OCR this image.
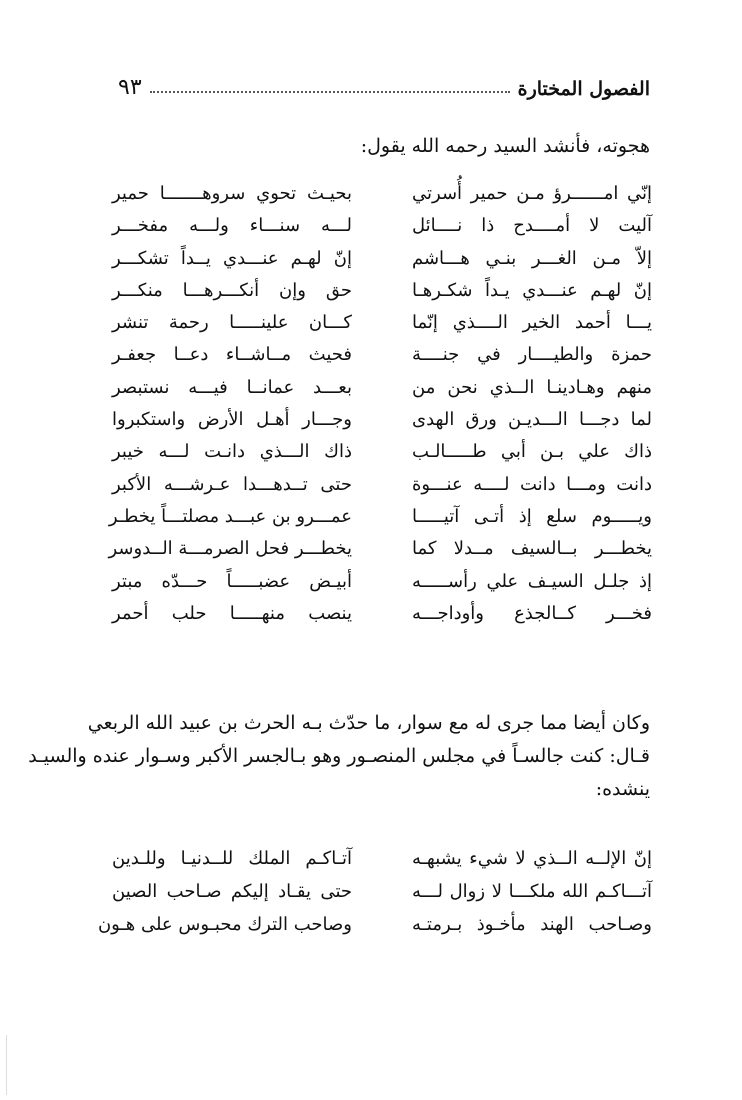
الفصول المختارة
٩٣
هجوته، فأنشد السيد رحمه الله يقول:
إنّي امــــــرؤ مـن حمير أُسرتي
بحيـث تحوي سروهـــــــا حمير
آليت لا أمــــدح ذا نــــائل
لـــه سنـــاء ولـــه مفخـــر
إلاّ مـن الغـــر بنـي هـــاشم
إنّ لهـم عنـــدي يــداً تشكـــر
إنّ لهـم عنـــدي يـداً شكـرهـا
حق وإن أنكـــرهـــا منكـــر
يـــا أحمد الخير الــــذي إنّما
كـــان علينـــــا رحمة تنشر
حمزة والطيــــار في جنــــة
فحيث مــاشــاء دعــا جعفـر
منهم وهـادينـا الــذي نحن من
بعـــد عمانــا فيـــه نستبصر
لما دجـــا الـــديـن ورق الهدى
وجـــار أهـل الأرض واستكبروا
ذاك علي بـن أبي طـــــالـب
ذاك الـــذي دانـت لـــه خيبر
دانت ومـــا دانت لــــه عنـــوة
حتى تــدهـــدا عـرشـــه الأكبر
ويـــــوم سلع إذ أتـى آتيـــــا
عمـــرو بن عبـــد مصلتـــاً يخطـر
يخطـــر بــالسيف مــدلا كما
يخطـــر فحل الصرمـــة الــدوسر
إذ جلـل السيـف علي رأســـــه
أبيـض عضبـــــاً حـــدّه مبتر
فخـــر كــالجذع وأوداجـــه
ينصب منهـــــا حلب أحمر
وكان أيضا مما جرى له مع سوار، ما حدّث بـه الحرث بن عبيد الله الربعي
قـال: كنت جالسـاً في مجلس المنصـور وهو بـالجسر الأكبر وسـوار عنده والسيـد
ينشده:
إنّ الإلــه الــذي لا شيء يشبهـه
آتـاكـم الملك للــدنيـا وللـدين
آتـــاكـم الله ملكـــا لا زوال لـــه
حتى يقـاد إليكم صـاحب الصين
وصـاحب الهند مأخـوذ بـرمتـه
وصاحب الترك محبـوس على هـون
